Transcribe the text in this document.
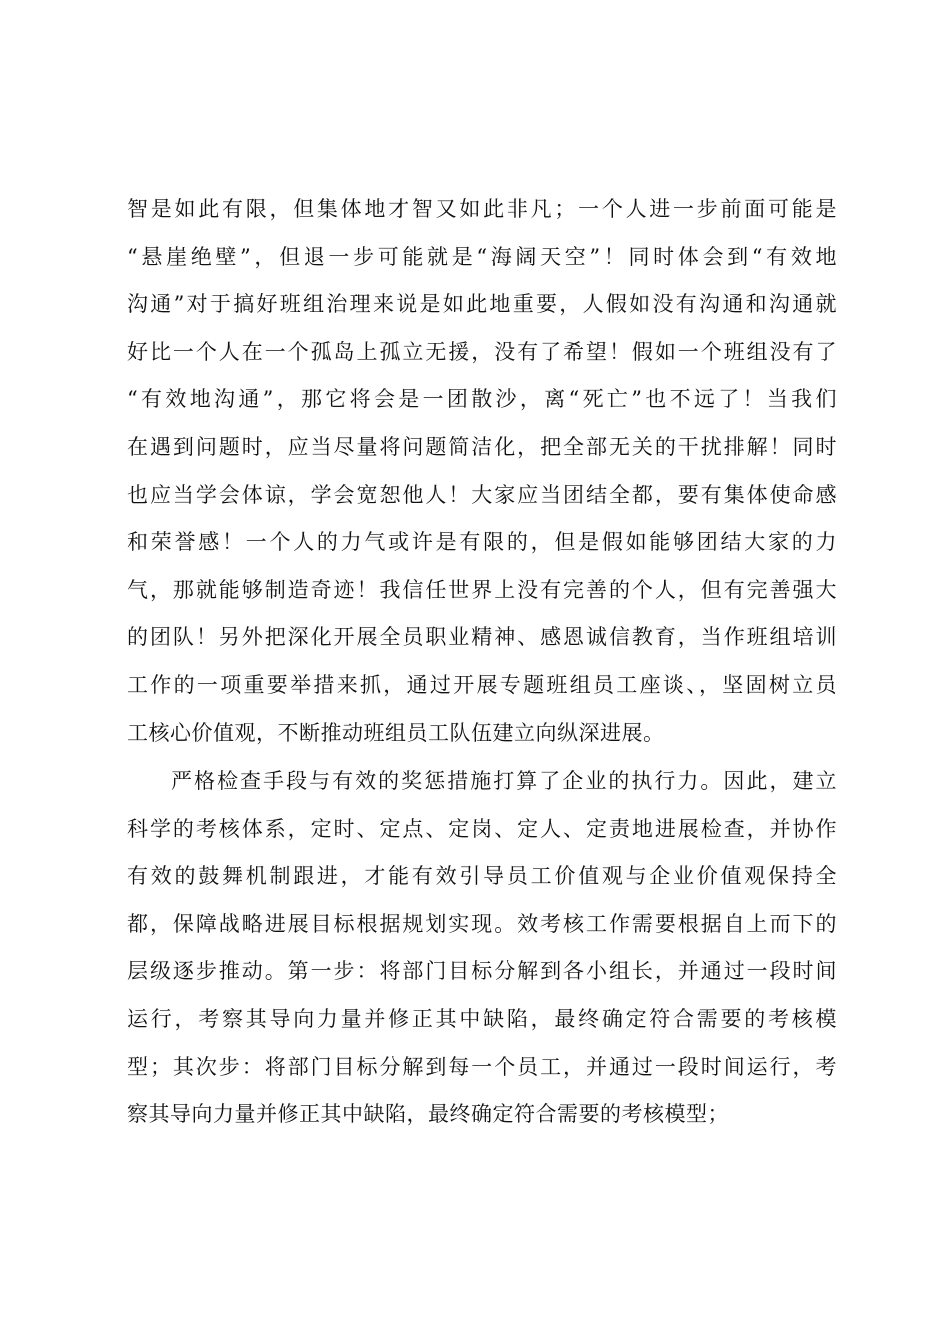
智是如此有限，但集体地才智又如此非凡；一个人进一步前面可能是
“悬崖绝壁”，但退一步可能就是“海阔天空”！同时体会到“有效地
沟通”对于搞好班组治理来说是如此地重要，人假如没有沟通和沟通就
好比一个人在一个孤岛上孤立无援，没有了希望！假如一个班组没有了
“有效地沟通”，那它将会是一团散沙，离“死亡”也不远了！当我们
在遇到问题时，应当尽量将问题简洁化，把全部无关的干扰排解！同时
也应当学会体谅，学会宽恕他人！大家应当团结全都，要有集体使命感
和荣誉感！一个人的力气或许是有限的，但是假如能够团结大家的力
气，那就能够制造奇迹！我信任世界上没有完善的个人，但有完善强大
的团队！另外把深化开展全员职业精神、感恩诚信教育，当作班组培训
工作的一项重要举措来抓，通过开展专题班组员工座谈、，坚固树立员
工核心价值观，不断推动班组员工队伍建立向纵深进展。
严格检查手段与有效的奖惩措施打算了企业的执行力。因此，建立
科学的考核体系，定时、定点、定岗、定人、定责地进展检查，并协作
有效的鼓舞机制跟进，才能有效引导员工价值观与企业价值观保持全
都，保障战略进展目标根据规划实现。效考核工作需要根据自上而下的
层级逐步推动。第一步：将部门目标分解到各小组长，并通过一段时间
运行，考察其导向力量并修正其中缺陷，最终确定符合需要的考核模
型；其次步：将部门目标分解到每一个员工，并通过一段时间运行，考
察其导向力量并修正其中缺陷，最终确定符合需要的考核模型；
